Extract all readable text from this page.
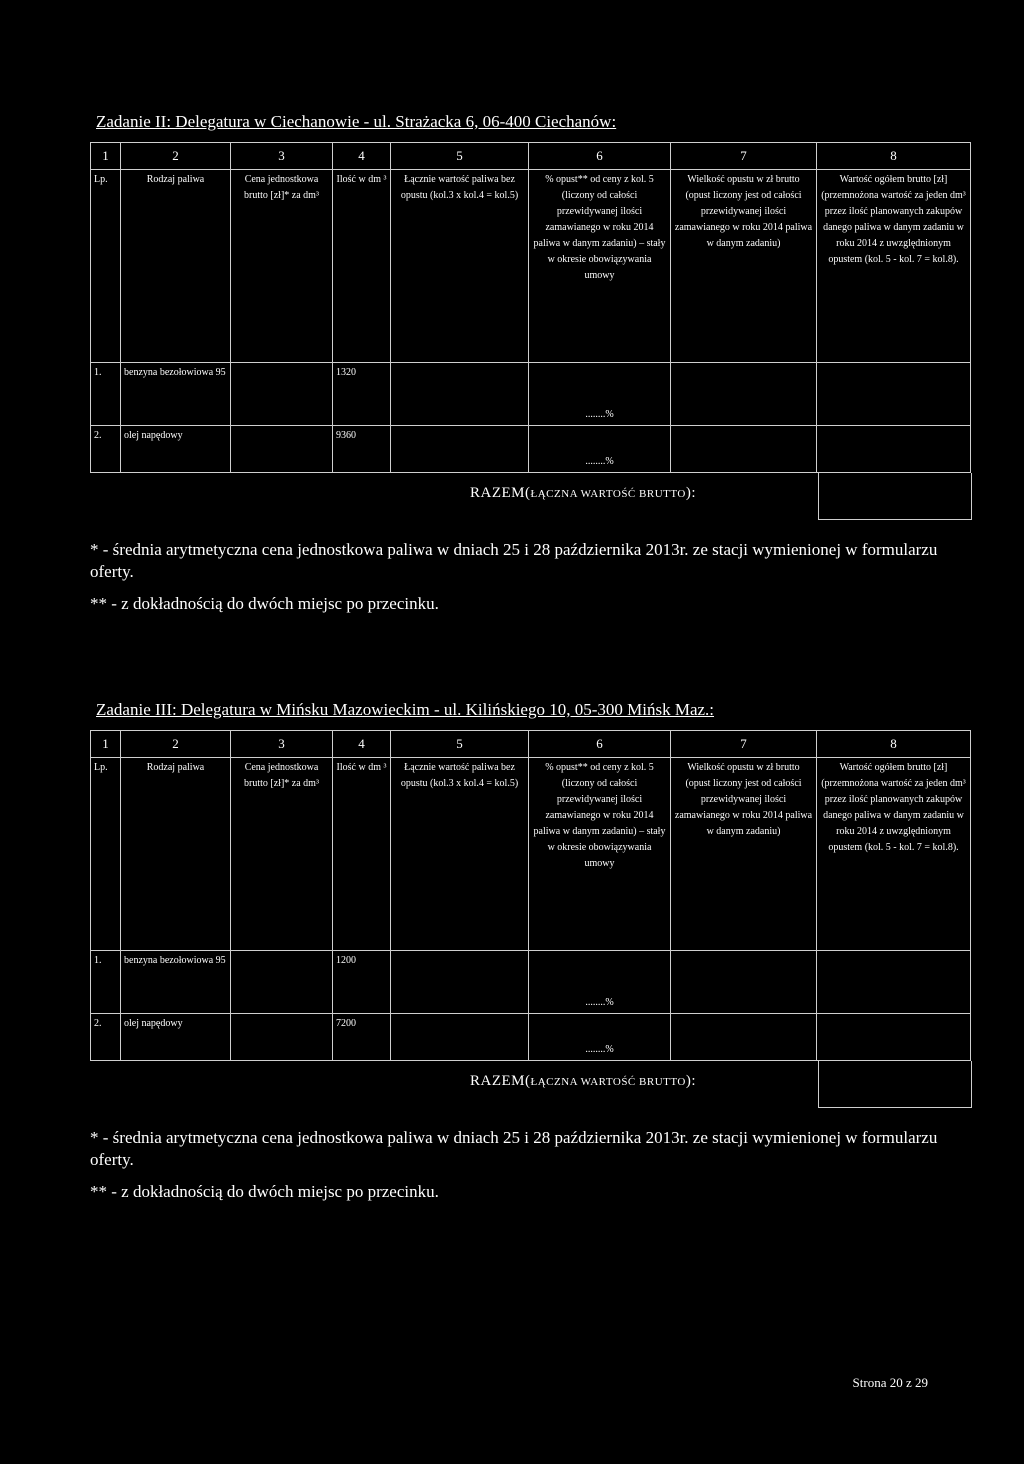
Zadanie II: Delegatura w Ciechanowie - ul. Strażacka 6, 06-400 Ciechanów:
1	2	3	4	5	6	7	8
Lp.	Rodzaj paliwa	Cena jednostkowa brutto [zł]* za dm³	Ilość w dm ³	Łącznie wartość paliwa bez opustu (kol.3 x kol.4 = kol.5)	% opust** od ceny z kol. 5 (liczony od całości przewidywanej ilości zamawianego w roku 2014 paliwa w danym zadaniu) – stały w okresie obowiązywania umowy	Wielkość opustu w zł brutto (opust liczony jest od całości przewidywanej ilości zamawianego w roku 2014 paliwa w danym zadaniu)	Wartość ogółem brutto [zł] (przemnożona wartość za jeden dm³ przez ilość planowanych zakupów danego paliwa w danym zadaniu w roku 2014 z uwzględnionym opustem (kol. 5 - kol. 7 = kol.8).
1.	benzyna bezołowiowa 95		1320		........%		
2.	olej napędowy		9360		........%		
RAZEM(ŁĄCZNA WARTOŚĆ BRUTTO):

* - średnia arytmetyczna cena jednostkowa paliwa w dniach 25 i 28 października 2013r. ze stacji wymienionej w formularzu oferty.

** - z dokładnością do dwóch miejsc po przecinku.

Zadanie III: Delegatura w Mińsku Mazowieckim - ul. Kilińskiego 10, 05-300 Mińsk Maz.:
1	2	3	4	5	6	7	8
Lp.	Rodzaj paliwa	Cena jednostkowa brutto [zł]* za dm³	Ilość w dm ³	Łącznie wartość paliwa bez opustu (kol.3 x kol.4 = kol.5)	% opust** od ceny z kol. 5 (liczony od całości przewidywanej ilości zamawianego w roku 2014 paliwa w danym zadaniu) – stały w okresie obowiązywania umowy	Wielkość opustu w zł brutto (opust liczony jest od całości przewidywanej ilości zamawianego w roku 2014 paliwa w danym zadaniu)	Wartość ogółem brutto [zł] (przemnożona wartość za jeden dm³ przez ilość planowanych zakupów danego paliwa w danym zadaniu w roku 2014 z uwzględnionym opustem (kol. 5 - kol. 7 = kol.8).
1.	benzyna bezołowiowa 95		1200		........%		
2.	olej napędowy		7200		........%		
RAZEM(ŁĄCZNA WARTOŚĆ BRUTTO):

* - średnia arytmetyczna cena jednostkowa paliwa w dniach 25 i 28 października 2013r. ze stacji wymienionej w formularzu oferty.

** - z dokładnością do dwóch miejsc po przecinku.

Strona 20 z 29
